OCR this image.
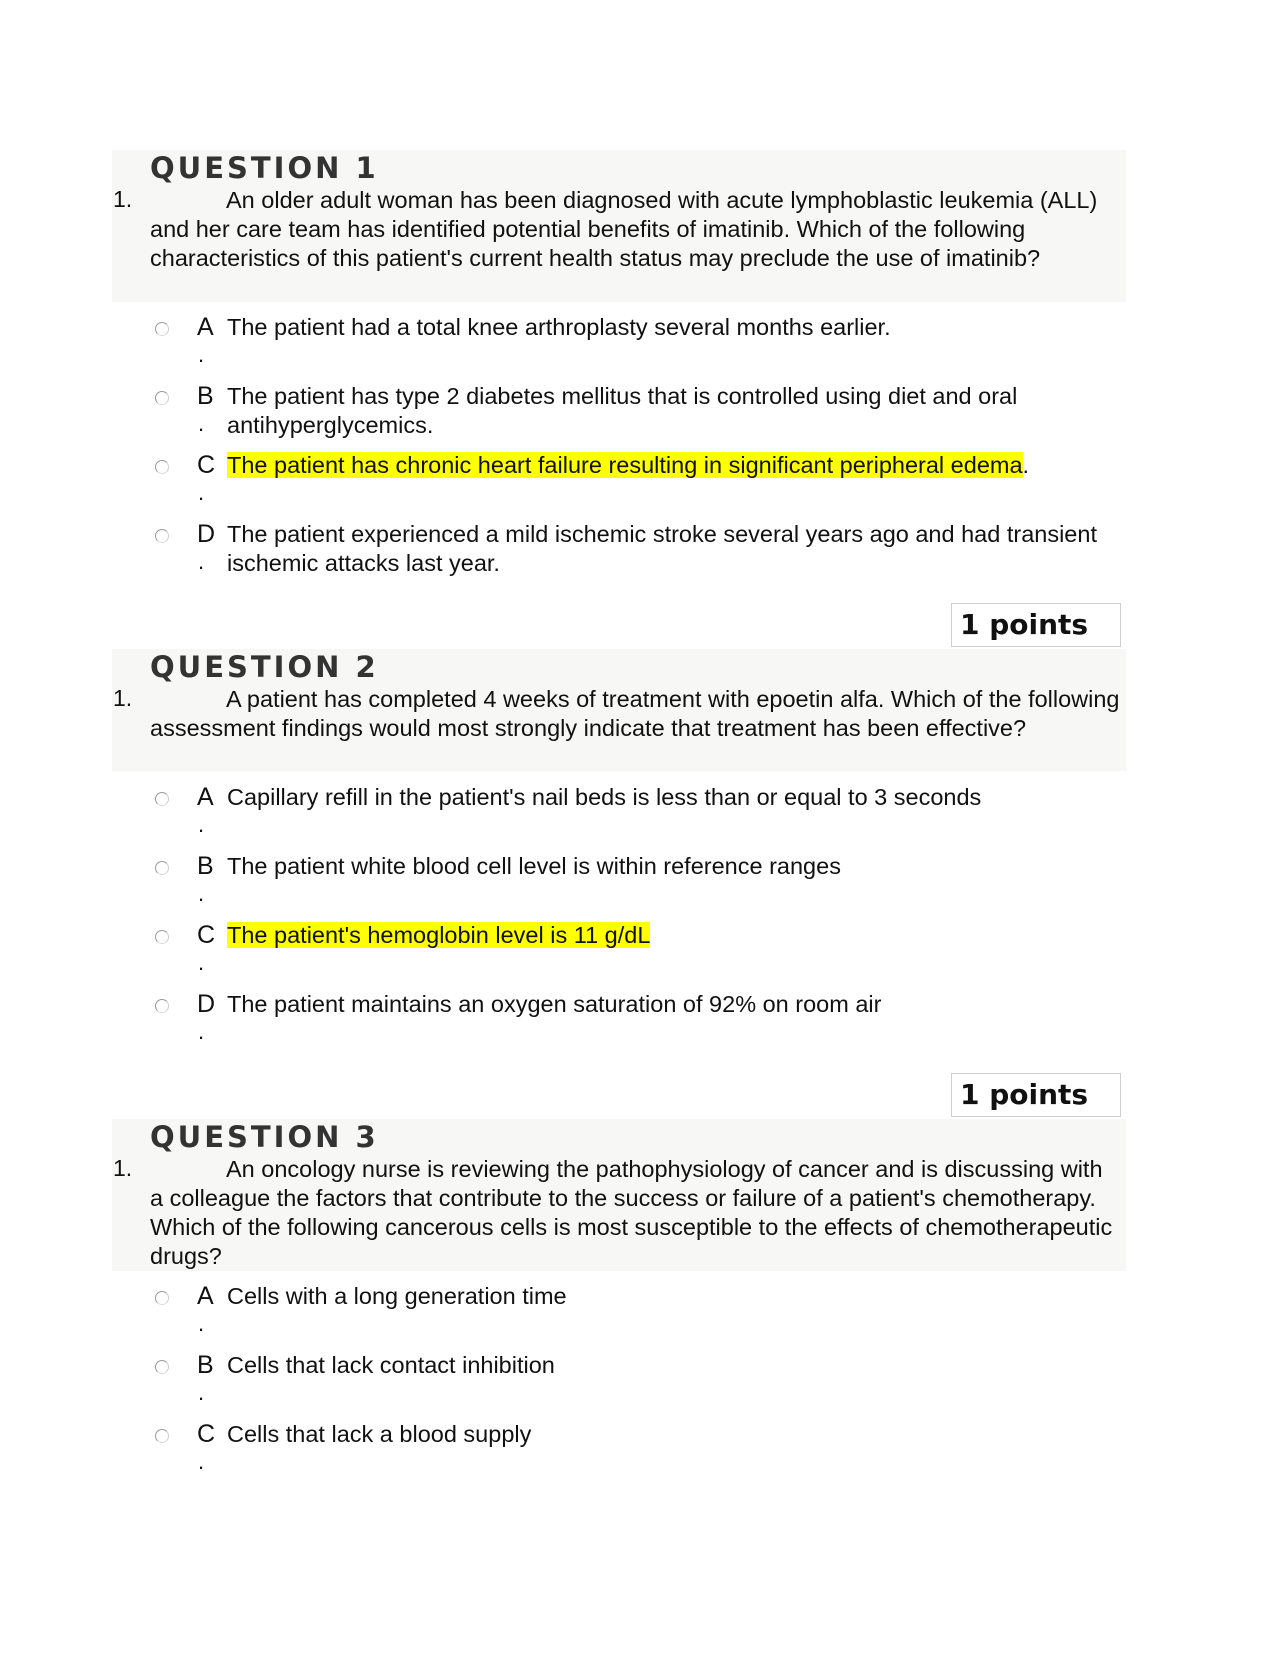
QUESTION 1
1.	An older adult woman has been diagnosed with acute lymphoblastic leukemia (ALL) and her care team has identified potential benefits of imatinib. Which of the following characteristics of this patient's current health status may preclude the use of imatinib?
A
.
The patient had a total knee arthroplasty several months earlier.
B
.
The patient has type 2 diabetes mellitus that is controlled using diet and oral antihyperglycemics.
C
.
The patient has chronic heart failure resulting in significant peripheral edema.
D
.
The patient experienced a mild ischemic stroke several years ago and had transient ischemic attacks last year.
1 points
QUESTION 2
1.	A patient has completed 4 weeks of treatment with epoetin alfa. Which of the following assessment findings would most strongly indicate that treatment has been effective?
A
.
Capillary refill in the patient's nail beds is less than or equal to 3 seconds
B
.
The patient white blood cell level is within reference ranges
C
.
The patient's hemoglobin level is 11 g/dL
D
.
The patient maintains an oxygen saturation of 92% on room air
1 points
QUESTION 3
1.	An oncology nurse is reviewing the pathophysiology of cancer and is discussing with a colleague the factors that contribute to the success or failure of a patient's chemotherapy. Which of the following cancerous cells is most susceptible to the effects of chemotherapeutic drugs?
A
.
Cells with a long generation time
B
.
Cells that lack contact inhibition
C
.
Cells that lack a blood supply
